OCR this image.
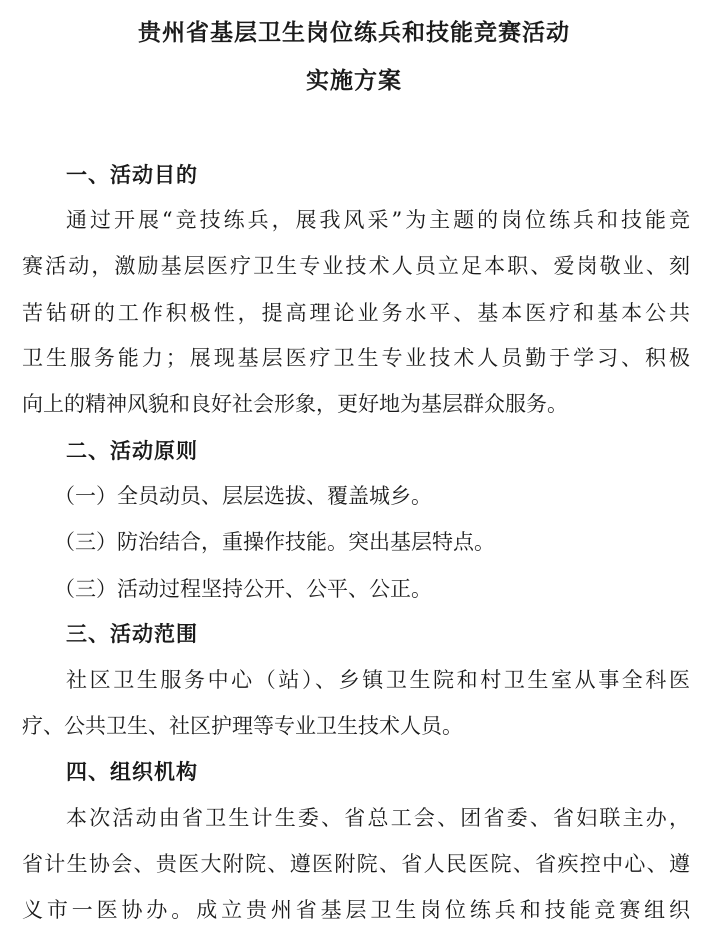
贵州省基层卫生岗位练兵和技能竞赛活动
实施方案
一、活动目的
通过开展“竞技练兵，展我风采”为主题的岗位练兵和技能竞
赛活动，激励基层医疗卫生专业技术人员立足本职、爱岗敬业、刻
苦钻研的工作积极性，提高理论业务水平、基本医疗和基本公共
卫生服务能力；展现基层医疗卫生专业技术人员勤于学习、积极
向上的精神风貌和良好社会形象，更好地为基层群众服务。
二、活动原则
（一）全员动员、层层选拔、覆盖城乡。
（三）防治结合，重操作技能。突出基层特点。
（三）活动过程坚持公开、公平、公正。
三、活动范围
社区卫生服务中心（站）、乡镇卫生院和村卫生室从事全科医
疗、公共卫生、社区护理等专业卫生技术人员。
四、组织机构
本次活动由省卫生计生委、省总工会、团省委、省妇联主办，
省计生协会、贵医大附院、遵医附院、省人民医院、省疾控中心、遵
义市一医协办。成立贵州省基层卫生岗位练兵和技能竞赛组织
